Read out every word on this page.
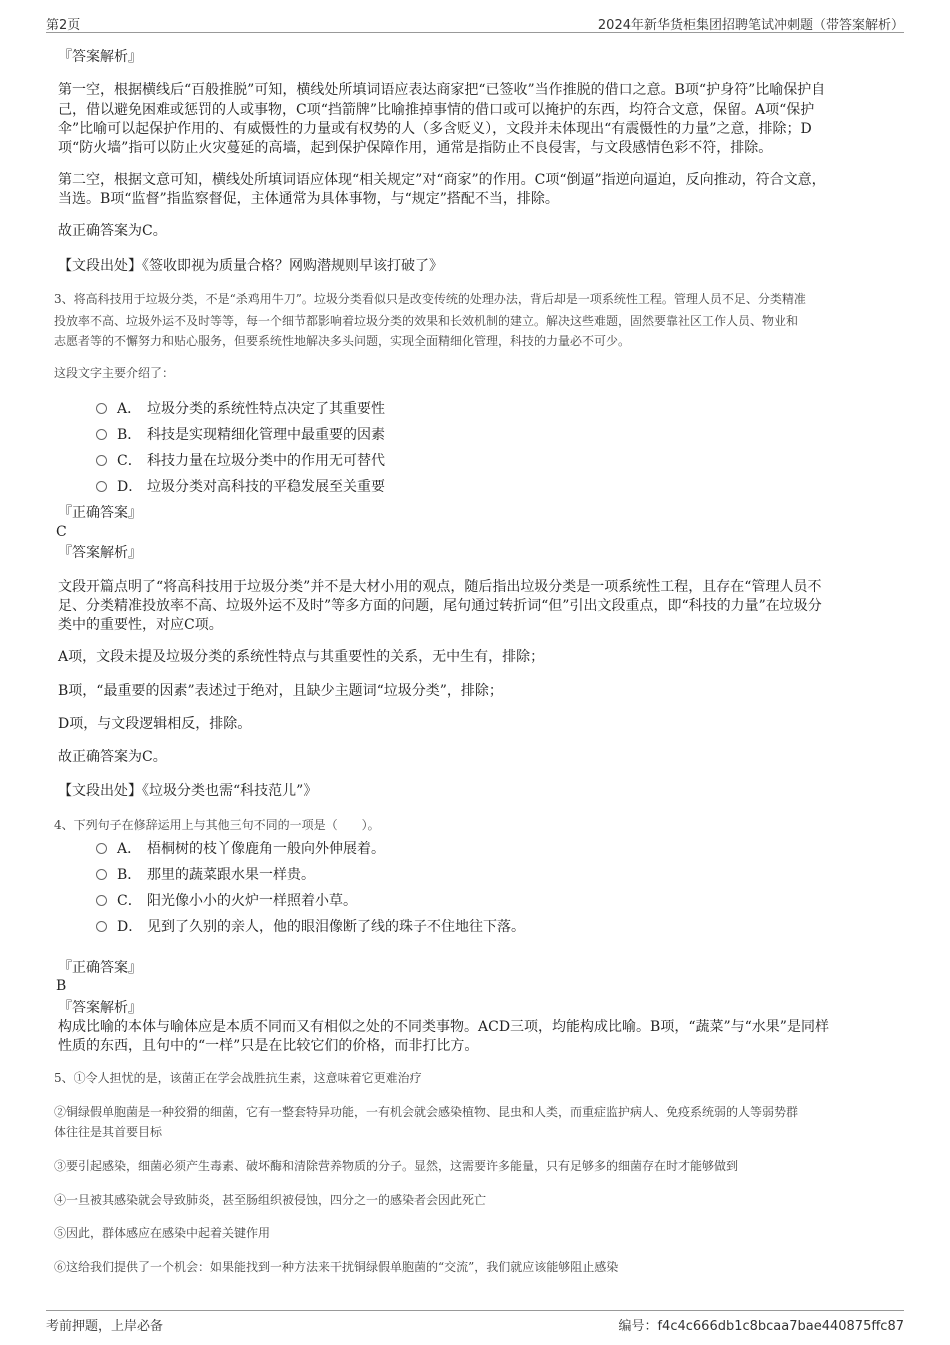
第2页	2024年新华货柜集团招聘笔试冲刺题（带答案解析）
『答案解析』
第一空，根据横线后“百般推脱”可知，横线处所填词语应表达商家把“已签收”当作推脱的借口之意。B项“护身符”比喻保护自
己，借以避免困难或惩罚的人或事物，C项“挡箭牌”比喻推掉事情的借口或可以掩护的东西，均符合文意，保留。A项“保护
伞”比喻可以起保护作用的、有威慑性的力量或有权势的人（多含贬义），文段并未体现出“有震慑性的力量”之意，排除；D
项“防火墙”指可以防止火灾蔓延的高墙，起到保护保障作用，通常是指防止不良侵害，与文段感情色彩不符，排除。
第二空，根据文意可知，横线处所填词语应体现“相关规定”对“商家”的作用。C项“倒逼”指逆向逼迫，反向推动，符合文意，
当选。B项“监督”指监察督促，主体通常为具体事物，与“规定”搭配不当，排除。
故正确答案为C。
【文段出处】《签收即视为质量合格？网购潜规则早该打破了》
3、将高科技用于垃圾分类，不是“杀鸡用牛刀”。垃圾分类看似只是改变传统的处理办法，背后却是一项系统性工程。管理人员不足、分类精准
投放率不高、垃圾外运不及时等等，每一个细节都影响着垃圾分类的效果和长效机制的建立。解决这些难题，固然要靠社区工作人员、物业和
志愿者等的不懈努力和贴心服务，但要系统性地解决多头问题，实现全面精细化管理，科技的力量必不可少。
这段文字主要介绍了：
A． 垃圾分类的系统性特点决定了其重要性
B． 科技是实现精细化管理中最重要的因素
C． 科技力量在垃圾分类中的作用无可替代
D． 垃圾分类对高科技的平稳发展至关重要
『正确答案』
C
『答案解析』
文段开篇点明了“将高科技用于垃圾分类”并不是大材小用的观点，随后指出垃圾分类是一项系统性工程，且存在“管理人员不
足、分类精准投放率不高、垃圾外运不及时”等多方面的问题，尾句通过转折词“但”引出文段重点，即“科技的力量”在垃圾分
类中的重要性，对应C项。
A项，文段未提及垃圾分类的系统性特点与其重要性的关系，无中生有，排除；
B项，“最重要的因素”表述过于绝对，且缺少主题词“垃圾分类”，排除；
D项，与文段逻辑相反，排除。
故正确答案为C。
【文段出处】《垃圾分类也需“科技范儿”》
4、下列句子在修辞运用上与其他三句不同的一项是（　　）。
A． 梧桐树的枝丫像鹿角一般向外伸展着。
B． 那里的蔬菜跟水果一样贵。
C． 阳光像小小的火炉一样照着小草。
D． 见到了久别的亲人，他的眼泪像断了线的珠子不住地往下落。
『正确答案』
B
『答案解析』
构成比喻的本体与喻体应是本质不同而又有相似之处的不同类事物。ACD三项，均能构成比喻。B项，“蔬菜”与“水果”是同样
性质的东西，且句中的“一样”只是在比较它们的价格，而非打比方。
5、①令人担忧的是，该菌正在学会战胜抗生素，这意味着它更难治疗
②铜绿假单胞菌是一种狡猾的细菌，它有一整套特异功能，一有机会就会感染植物、昆虫和人类，而重症监护病人、免疫系统弱的人等弱势群
体往往是其首要目标
③要引起感染，细菌必须产生毒素、破坏酶和清除营养物质的分子。显然，这需要许多能量，只有足够多的细菌存在时才能够做到
④一旦被其感染就会导致肺炎，甚至肠组织被侵蚀，四分之一的感染者会因此死亡
⑤因此，群体感应在感染中起着关键作用
⑥这给我们提供了一个机会：如果能找到一种方法来干扰铜绿假单胞菌的“交流”，我们就应该能够阻止感染
考前押题，上岸必备	编号：f4c4c666db1c8bcaa7bae440875ffc87
